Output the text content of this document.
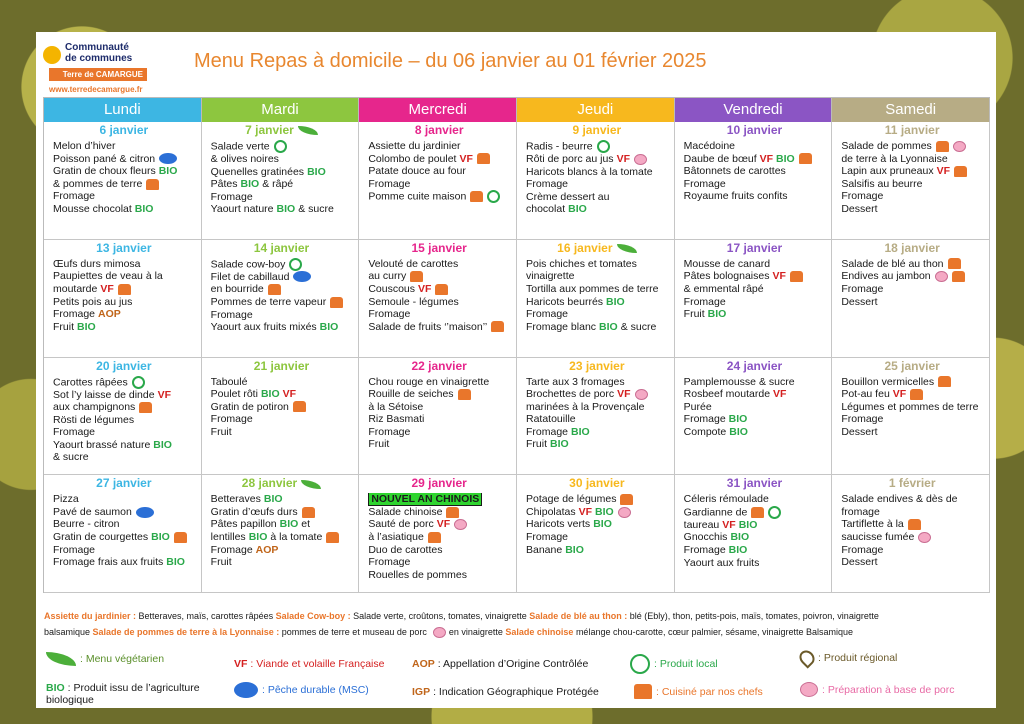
Communauté
de communes
Terre de CAMARGUE
www.terredecamargue.fr
Menu Repas à domicile – du 06 janvier au 01 février 2025
Lundi	Mardi	Mercredi	Jeudi	Vendredi	Samedi
6 janvier
Melon d’hiver
Poisson pané & citron
Gratin de choux fleurs BIO
& pommes de terre
Fromage
Mousse chocolat BIO
7 janvier
Salade verte
& olives noires
Quenelles gratinées BIO
Pâtes BIO & râpé
Fromage
Yaourt nature BIO & sucre
8 janvier
Assiette du jardinier
Colombo de poulet VF
Patate douce au four
Fromage
Pomme cuite maison
9 janvier
Radis - beurre
Rôti de porc au jus VF
Haricots blancs à la tomate
Fromage
Crème dessert au
chocolat BIO
10 janvier
Macédoine
Daube de bœuf VF BIO
Bâtonnets de carottes
Fromage
Royaume fruits confits
11 janvier
Salade de pommes
de terre à la Lyonnaise
Lapin aux pruneaux VF
Salsifis au beurre
Fromage
Dessert
13 janvier
Œufs durs mimosa
Paupiettes de veau à la
moutarde VF
Petits pois au jus
Fromage AOP
Fruit BIO
14 janvier
Salade cow-boy
Filet de cabillaud
en bourride
Pommes de terre vapeur
Fromage
Yaourt aux fruits mixés BIO
15 janvier
Velouté de carottes
au curry
Couscous VF
Semoule - légumes
Fromage
Salade de fruits ‘’maison’’
16 janvier
Pois chiches et tomates
vinaigrette
Tortilla aux pommes de terre
Haricots beurrés BIO
Fromage
Fromage blanc BIO & sucre
17 janvier
Mousse de canard
Pâtes bolognaises VF
& emmental râpé
Fromage
Fruit BIO
18 janvier
Salade de blé au thon
Endives au jambon
Fromage
Dessert
20 janvier
Carottes râpées
Sot l’y laisse de dinde VF
aux champignons
Rösti de légumes
Fromage
Yaourt brassé nature BIO
& sucre
21 janvier
Taboulé
Poulet rôti BIO VF
Gratin de potiron
Fromage
Fruit
22 janvier
Chou rouge en vinaigrette
Rouille de seiches
à la Sétoise
Riz Basmati
Fromage
Fruit
23 janvier
Tarte aux 3 fromages
Brochettes de porc VF
marinées à la Provençale
Ratatouille
Fromage BIO
Fruit BIO
24 janvier
Pamplemousse & sucre
Rosbeef moutarde VF
Purée
Fromage BIO
Compote BIO
25 janvier
Bouillon vermicelles
Pot-au feu VF
Légumes et pommes de terre
Fromage
Dessert
27 janvier
Pizza
Pavé de saumon
Beurre - citron
Gratin de courgettes BIO
Fromage
Fromage frais aux fruits BIO
28 janvier
Betteraves BIO
Gratin d’œufs durs
Pâtes papillon BIO et
lentilles BIO à la tomate
Fromage AOP
Fruit
29 janvier
NOUVEL AN CHINOIS
Salade chinoise
Sauté de porc VF
à l’asiatique
Duo de carottes
Fromage
Rouelles de pommes
30 janvier
Potage de légumes
Chipolatas VF BIO
Haricots verts BIO
Fromage
Banane BIO
31 janvier
Céleris rémoulade
Gardianne de
taureau VF BIO
Gnocchis BIO
Fromage BIO
Yaourt aux fruits
1 février
Salade endives & dès de
fromage
Tartiflette à la
saucisse fumée
Fromage
Dessert
Assiette du jardinier : Betteraves, maïs, carottes râpées Salade Cow-boy : Salade verte, croûtons, tomates, vinaigrette Salade de blé au thon : blé (Ebly), thon, petits-pois, maïs, tomates, poivron, vinaigrette
balsamique Salade de pommes de terre à la Lyonnaise : pommes de terre et museau de porc  en vinaigrette Salade chinoise mélange chou-carotte, cœur palmier, sésame, vinaigrette Balsamique
: Menu végétarien	VF : Viande et volaille Française	AOP : Appellation d’Origine Contrôlée	: Produit local	: Produit régional
BIO : Produit issu de l’agriculture biologique
: Pêche durable (MSC)	IGP : Indication Géographique Protégée	: Cuisiné par nos chefs	: Préparation à base de porc
